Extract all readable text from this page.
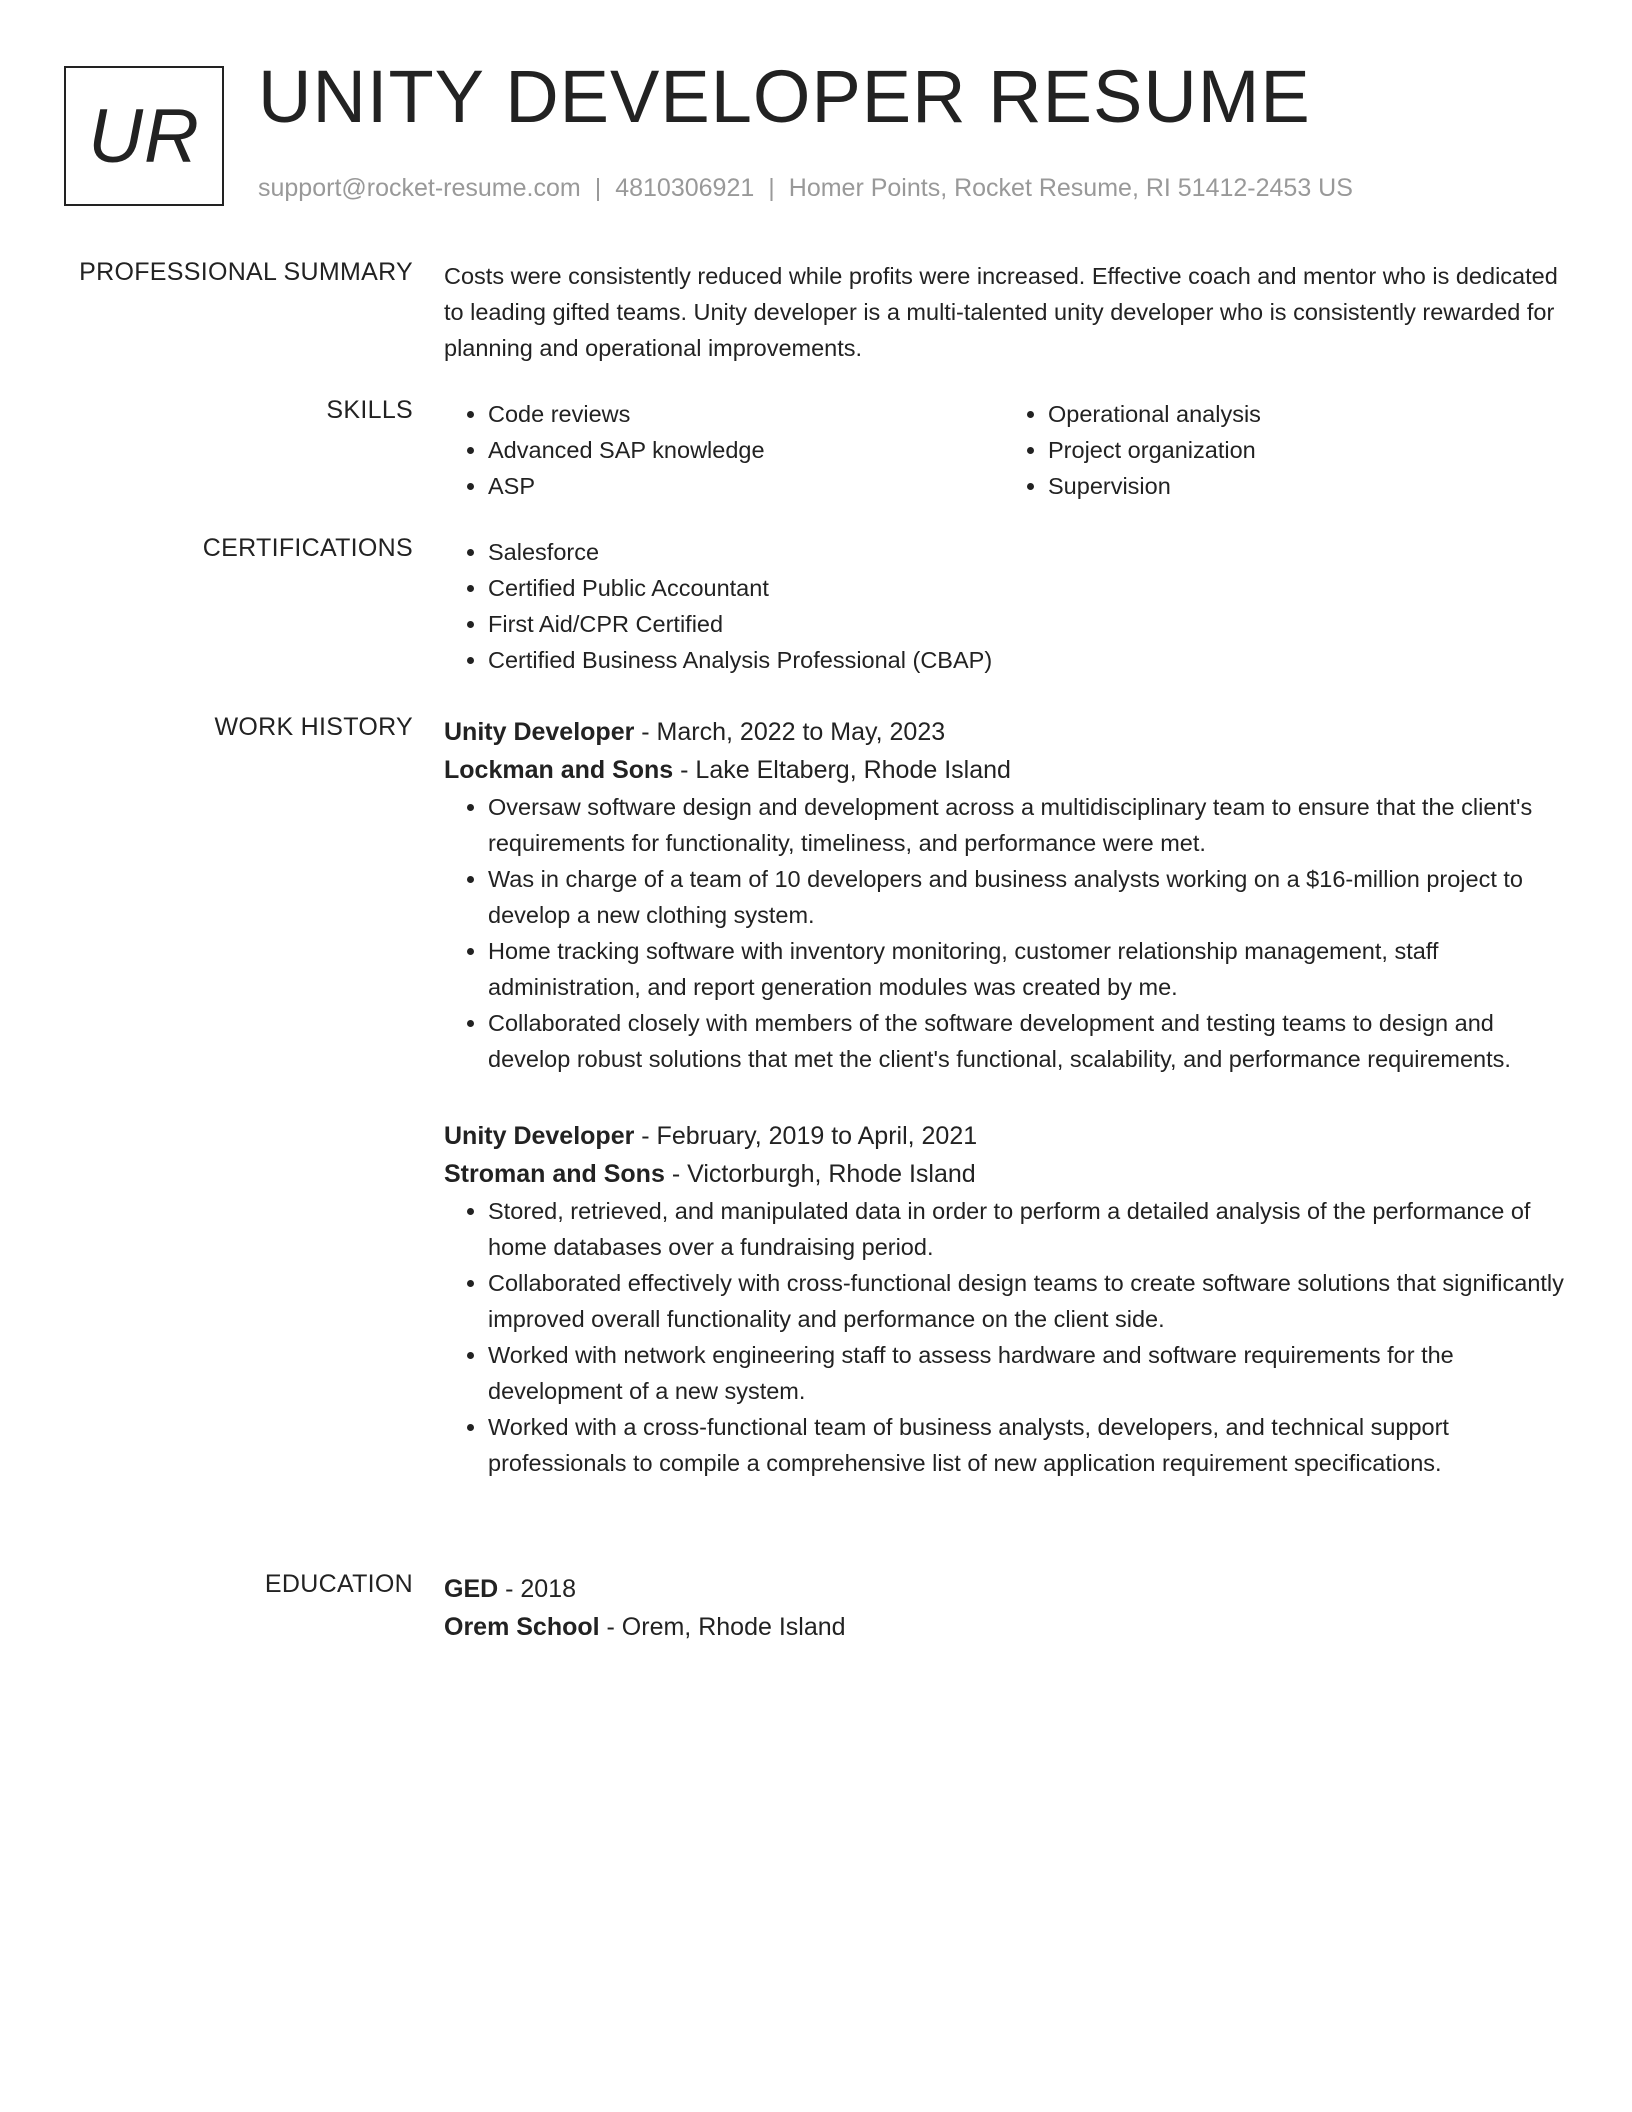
UR UNITY DEVELOPER RESUME
support@rocket-resume.com | 4810306921 | Homer Points, Rocket Resume, RI 51412-2453 US
PROFESSIONAL SUMMARY Costs were consistently reduced while profits were increased. Effective coach and mentor who is dedicated to leading gifted teams. Unity developer is a multi-talented unity developer who is consistently rewarded for planning and operational improvements.

SKILLS	• Code reviews
• Advanced SAP knowledge
• ASP
• Operational analysis
• Project organization
• Supervision
CERTIFICATIONS	• Salesforce
• Certified Public Accountant
• First Aid/CPR Certified
• Certified Business Analysis Professional (CBAP)
WORK HISTORY Unity Developer - March, 2022 to May, 2023
Lockman and Sons - Lake Eltaberg, Rhode Island
• Oversaw software design and development across a multidisciplinary team to ensure that the client's requirements for functionality, timeliness, and performance were met.
• Was in charge of a team of 10 developers and business analysts working on a $16-million project to develop a new clothing system.
• Home tracking software with inventory monitoring, customer relationship management, staff administration, and report generation modules was created by me.
• Collaborated closely with members of the software development and testing teams to design and develop robust solutions that met the client's functional, scalability, and performance requirements.
Unity Developer - February, 2019 to April, 2021
Stroman and Sons - Victorburgh, Rhode Island
• Stored, retrieved, and manipulated data in order to perform a detailed analysis of the performance of home databases over a fundraising period.
• Collaborated effectively with cross-functional design teams to create software solutions that significantly improved overall functionality and performance on the client side.
• Worked with network engineering staff to assess hardware and software requirements for the development of a new system.
• Worked with a cross-functional team of business analysts, developers, and technical support professionals to compile a comprehensive list of new application requirement specifications.
EDUCATION GED - 2018
Orem School - Orem, Rhode Island
